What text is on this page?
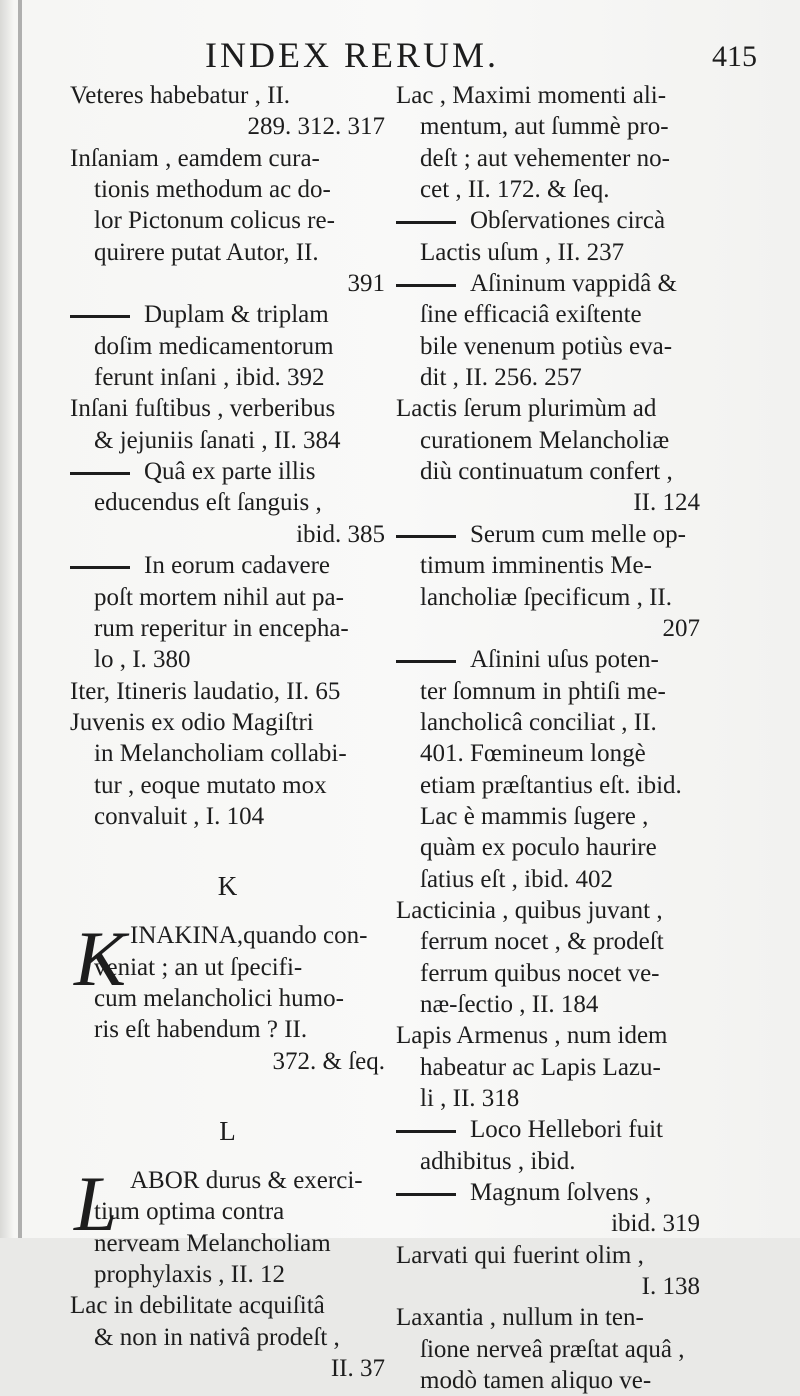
INDEX RERUM.	415
Veteres habebatur , II.
289. 312. 317
Inſaniam , eamdem cura-
tionis methodum ac do-
lor Pictonum colicus re-
quirere putat Autor, II.
391
Duplam & triplam
doſim medicamentorum
ferunt inſani , ibid. 392
Inſani fuſtibus , verberibus
& jejuniis ſanati , II. 384
Quâ ex parte illis
educendus eſt ſanguis ,
ibid. 385
In eorum cadavere
poſt mortem nihil aut pa-
rum reperitur in encepha-
lo , I. 380
Iter, Itineris laudatio, II. 65
Juvenis ex odio Magiſtri
in Melancholiam collabi-
tur , eoque mutato mox
convaluit , I. 104
K
K INAKINA,quando con-
veniat ; an ut ſpecifi-
cum melancholici humo-
ris eſt habendum ? II.
372. & ſeq.
L
L ABOR durus & exerci-
tium optima contra
nerveam Melancholiam
prophylaxis , II. 12
Lac in debilitate acquiſitâ
& non in nativâ prodeſt ,
II. 37
Lac , Maximi momenti ali-
mentum, aut ſummè pro-
deſt ; aut vehementer no-
cet , II. 172. & ſeq.
Obſervationes circà
Lactis uſum , II. 237
Aſininum vappidâ &
ſine efficaciâ exiſtente
bile venenum potiùs eva-
dit , II. 256. 257
Lactis ſerum plurimùm ad
curationem Melancholiæ
diù continuatum confert ,
II. 124
Serum cum melle op-
timum imminentis Me-
lancholiæ ſpecificum , II.
207
Aſinini uſus poten-
ter ſomnum in phtiſi me-
lancholicâ conciliat , II.
401. Fœmineum longè
etiam præſtantius eſt. ibid.
Lac è mammis ſugere ,
quàm ex poculo haurire
ſatius eſt , ibid. 402
Lacticinia , quibus juvant ,
ferrum nocet , & prodeſt
ferrum quibus nocet ve-
næ-ſectio , II. 184
Lapis Armenus , num idem
habeatur ac Lapis Lazu-
li , II. 318
Loco Hellebori fuit
adhibitus , ibid.
Magnum ſolvens ,
ibid. 319
Larvati qui fuerint olim ,
I. 138
Laxantia , nullum in ten-
ſione nerveâ præſtat aquâ ,
modò tamen aliquo ve-
